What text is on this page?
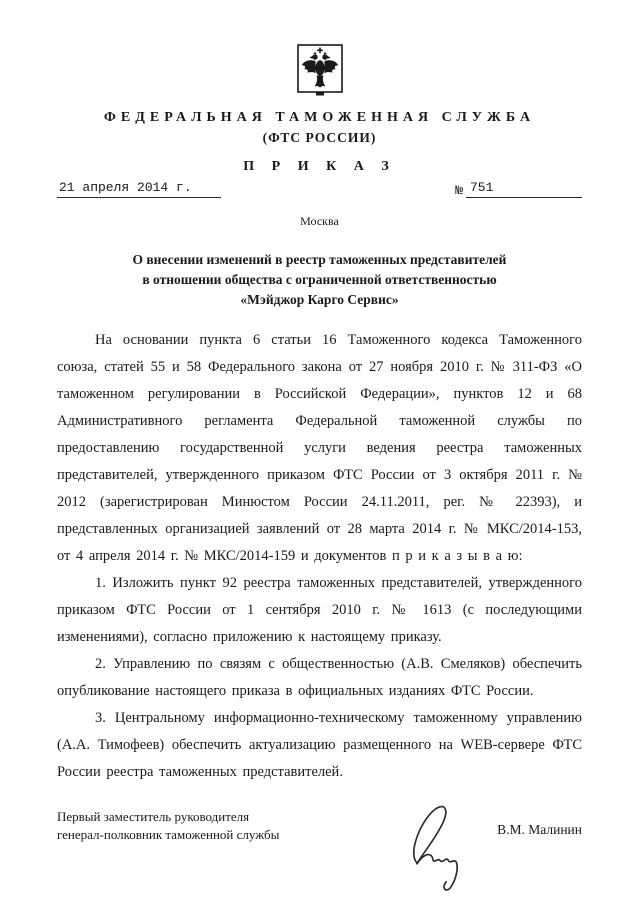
ФЕДЕРАЛЬНАЯ ТАМОЖЕННАЯ СЛУЖБА
(ФТС РОССИИ)
П Р И К А З
21 апреля 2014 г.	№ 751
Москва
О внесении изменений в реестр таможенных представителей
в отношении общества с ограниченной ответственностью
«Мэйджор Карго Сервис»

На основании пункта 6 статьи 16 Таможенного кодекса Таможенного союза, статей 55 и 58 Федерального закона от 27 ноября 2010 г. № 311-ФЗ «О таможенном регулировании в Российской Федерации», пунктов 12 и 68 Административного регламента Федеральной таможенной службы по предоставлению государственной услуги ведения реестра таможенных представителей, утвержденного приказом ФТС России от 3 октября 2011 г. № 2012 (зарегистрирован Минюстом России 24.11.2011, рег. № 22393), и представленных организацией заявлений от 28 марта 2014 г. № МКС/2014-153, от 4 апреля 2014 г. № МКС/2014-159 и документов п р и к а з ы в а ю:

1. Изложить пункт 92 реестра таможенных представителей, утвержденного приказом ФТС России от 1 сентября 2010 г. № 1613 (с последующими изменениями), согласно приложению к настоящему приказу.

2. Управлению по связям с общественностью (А.В. Смеляков) обеспечить опубликование настоящего приказа в официальных изданиях ФТС России.

3. Центральному информационно-техническому таможенному управлению (А.А. Тимофеев) обеспечить актуализацию размещенного на WEB-сервере ФТС России реестра таможенных представителей.

Первый заместитель руководителя
генерал-полковник таможенной службы	В.М. Малинин
